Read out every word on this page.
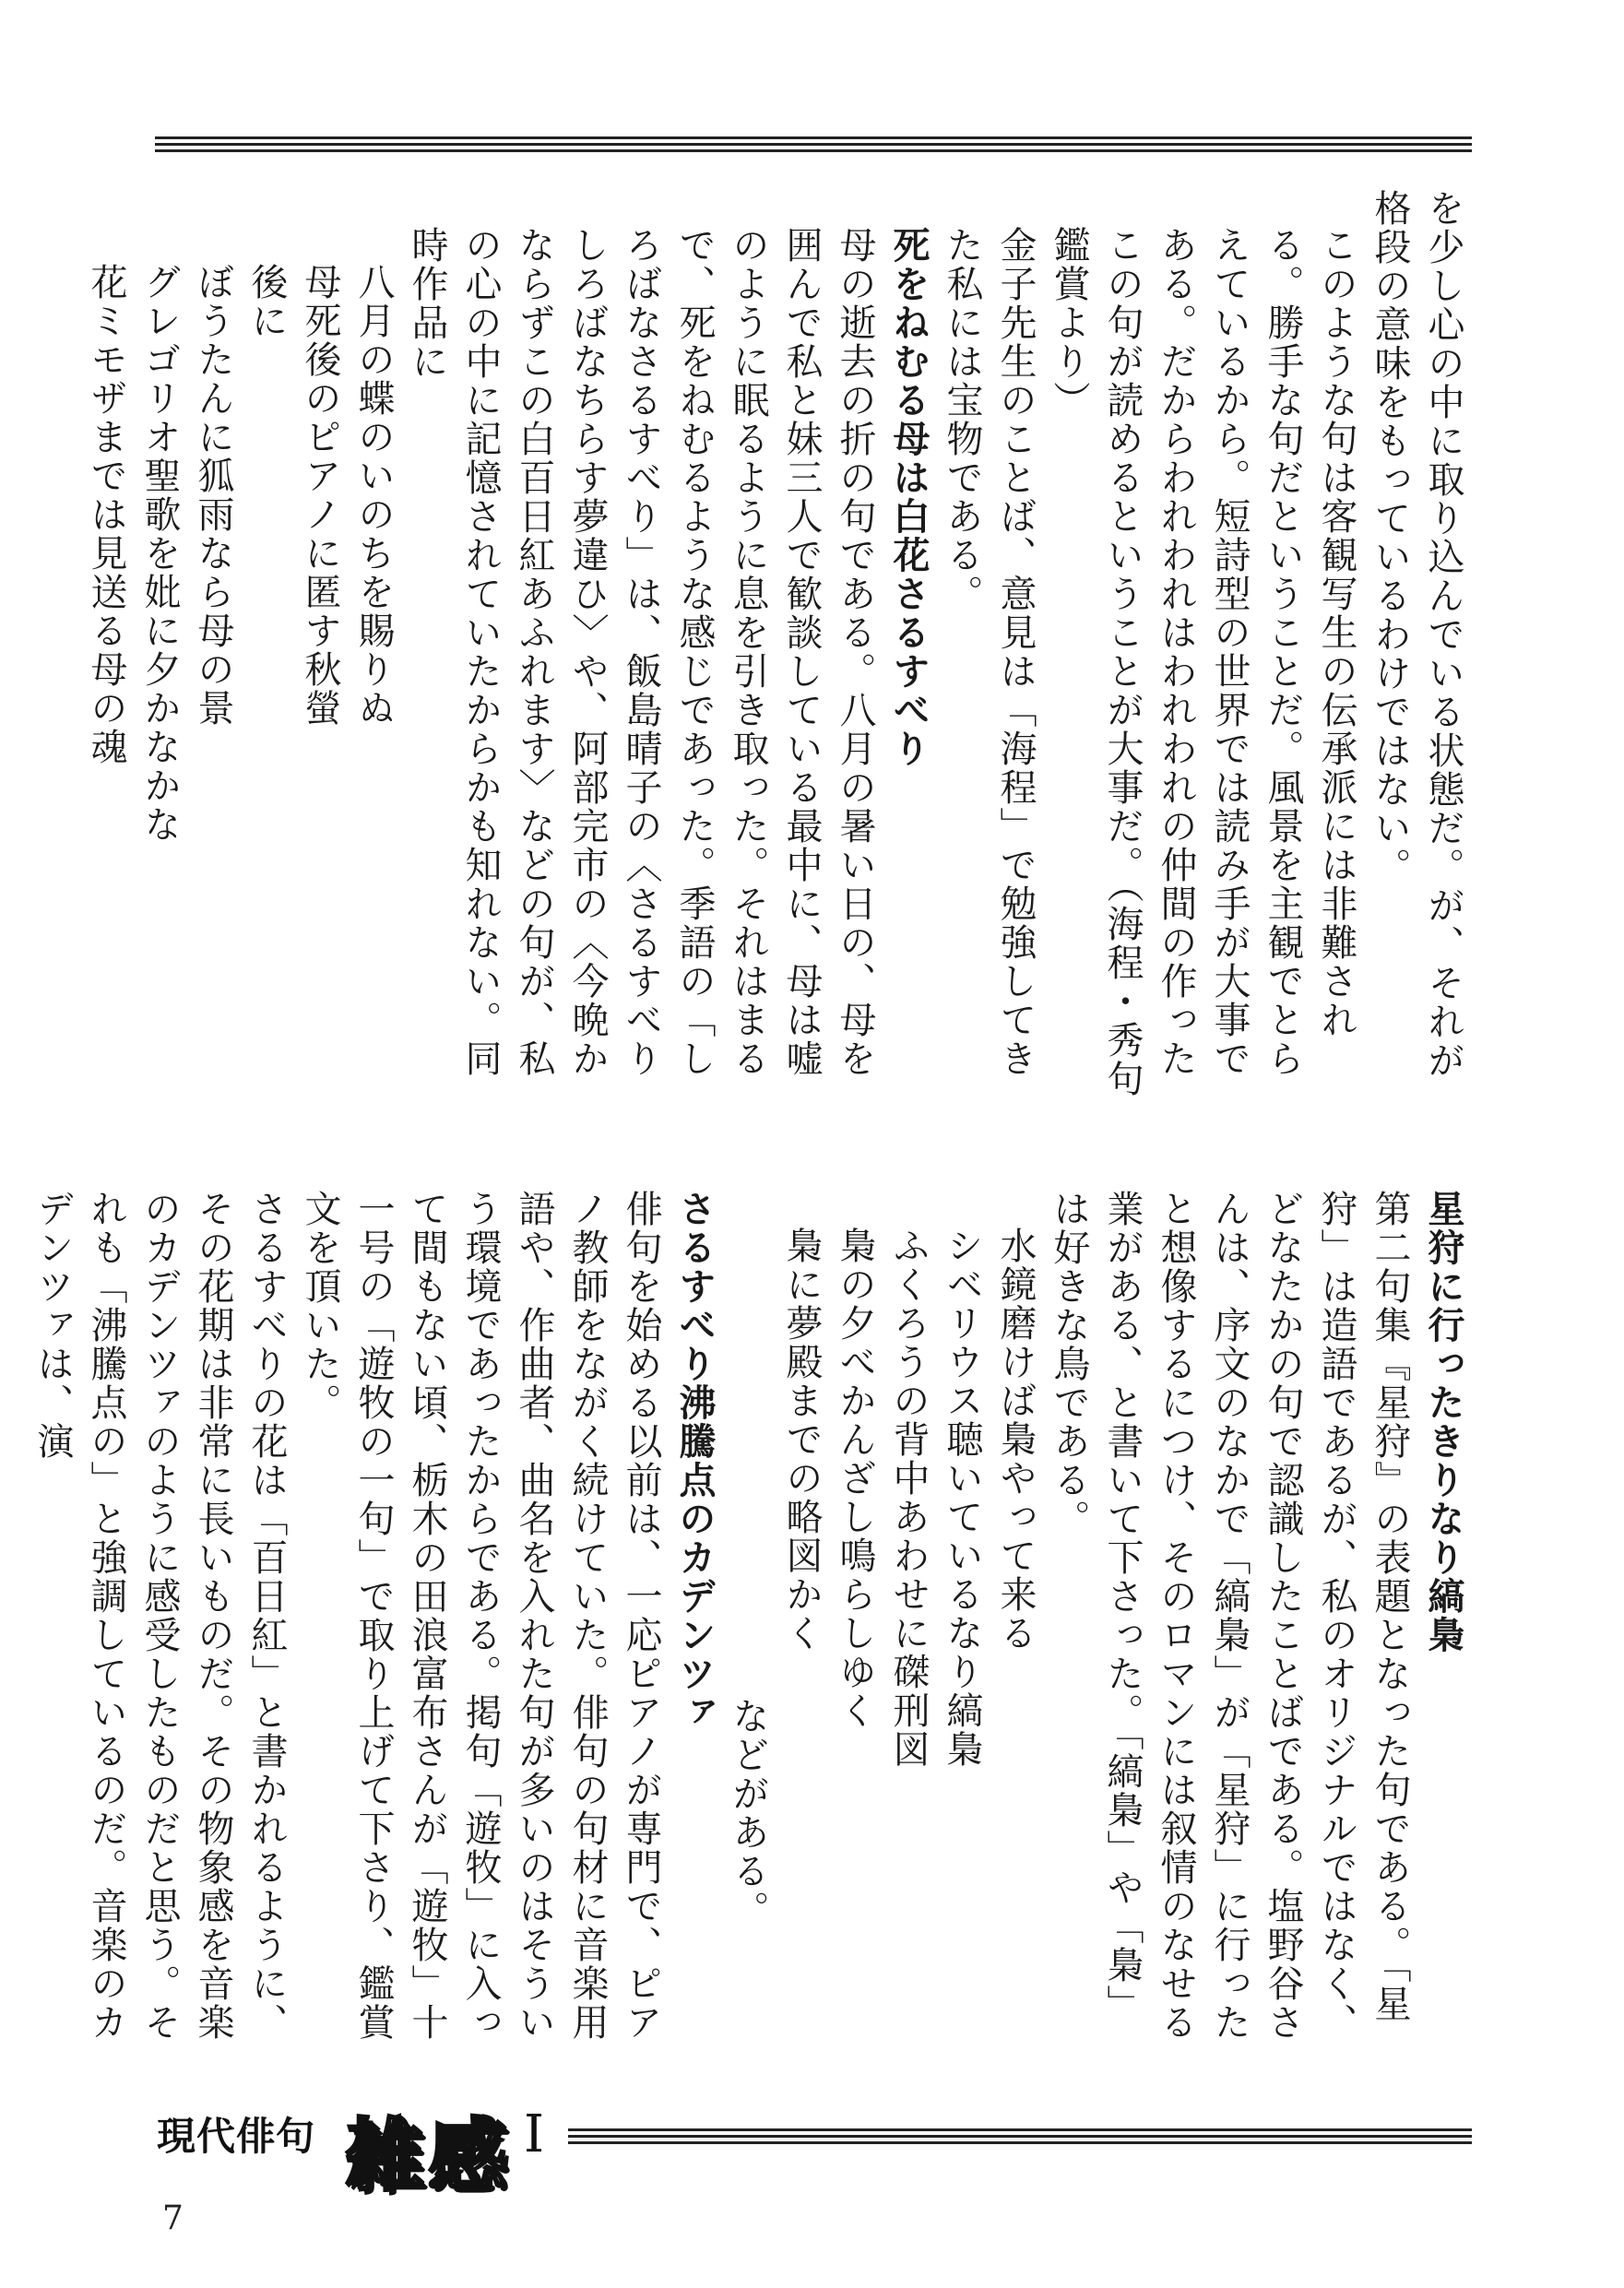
を少し心の中に取り込んでいる状態だ。が、それが格段の意味をもっているわけではない。

このような句は客観写生の伝承派には非難される。勝手な句だということだ。風景を主観でとらえているから。短詩型の世界では読み手が大事である。だからわれわれはわれわれの仲間の作ったこの句が読めるということが大事だ。（海程・秀句鑑賞より）

金子先生のことば、意見は「海程」で勉強してきた私には宝物である。

死をねむる母は白花さるすべり

母の逝去の折の句である。八月の暑い日の、母を囲んで私と妹三人で歓談している最中に、母は嘘のように眠るように息を引き取った。それはまるで、死をねむるような感じであった。季語の「しろばなさるすべり」は、飯島晴子の〈さるすべりしろばなちらす夢違ひ〉や、阿部完市の〈今晩かならずこの白百日紅あふれます〉などの句が、私の心の中に記憶されていたからかも知れない。同時作品に

八月の蝶のいのちを賜りぬ

母死後のピアノに匿す秋螢

後に

ぼうたんに狐雨なら母の景

グレゴリオ聖歌を妣に夕かなかな

花ミモザまでは見送る母の魂

星狩に行ったきりなり縞梟

第二句集『星狩』の表題となった句である。「星狩」は造語であるが、私のオリジナルではなく、どなたかの句で認識したことばである。塩野谷さんは、序文のなかで「縞梟」が「星狩」に行ったと想像するにつけ、そのロマンには叙情のなせる業がある、と書いて下さった。「縞梟」や「梟」は好きな鳥である。

水鏡磨けば梟やって来る

シベリウス聴いているなり縞梟

ふくろうの背中あわせに磔刑図

梟の夕べかんざし鳴らしゆく

梟に夢殿までの略図かく

などがある。

さるすべり沸騰点のカデンツァ

俳句を始める以前は、一応ピアノが専門で、ピアノ教師をながく続けていた。俳句の句材に音楽用語や、作曲者、曲名を入れた句が多いのはそういう環境であったからである。掲句「遊牧」に入って間もない頃、栃木の田浪富布さんが「遊牧」十一号の「遊牧の一句」で取り上げて下さり、鑑賞文を頂いた。

さるすべりの花は「百日紅」と書かれるように、その花期は非常に長いものだ。その物象感を音楽のカデンツァのように感受したものだと思う。それも「沸騰点の」と強調しているのだ。音楽のカデンツァは、演

現代俳句 雑感 Ⅰ
7
